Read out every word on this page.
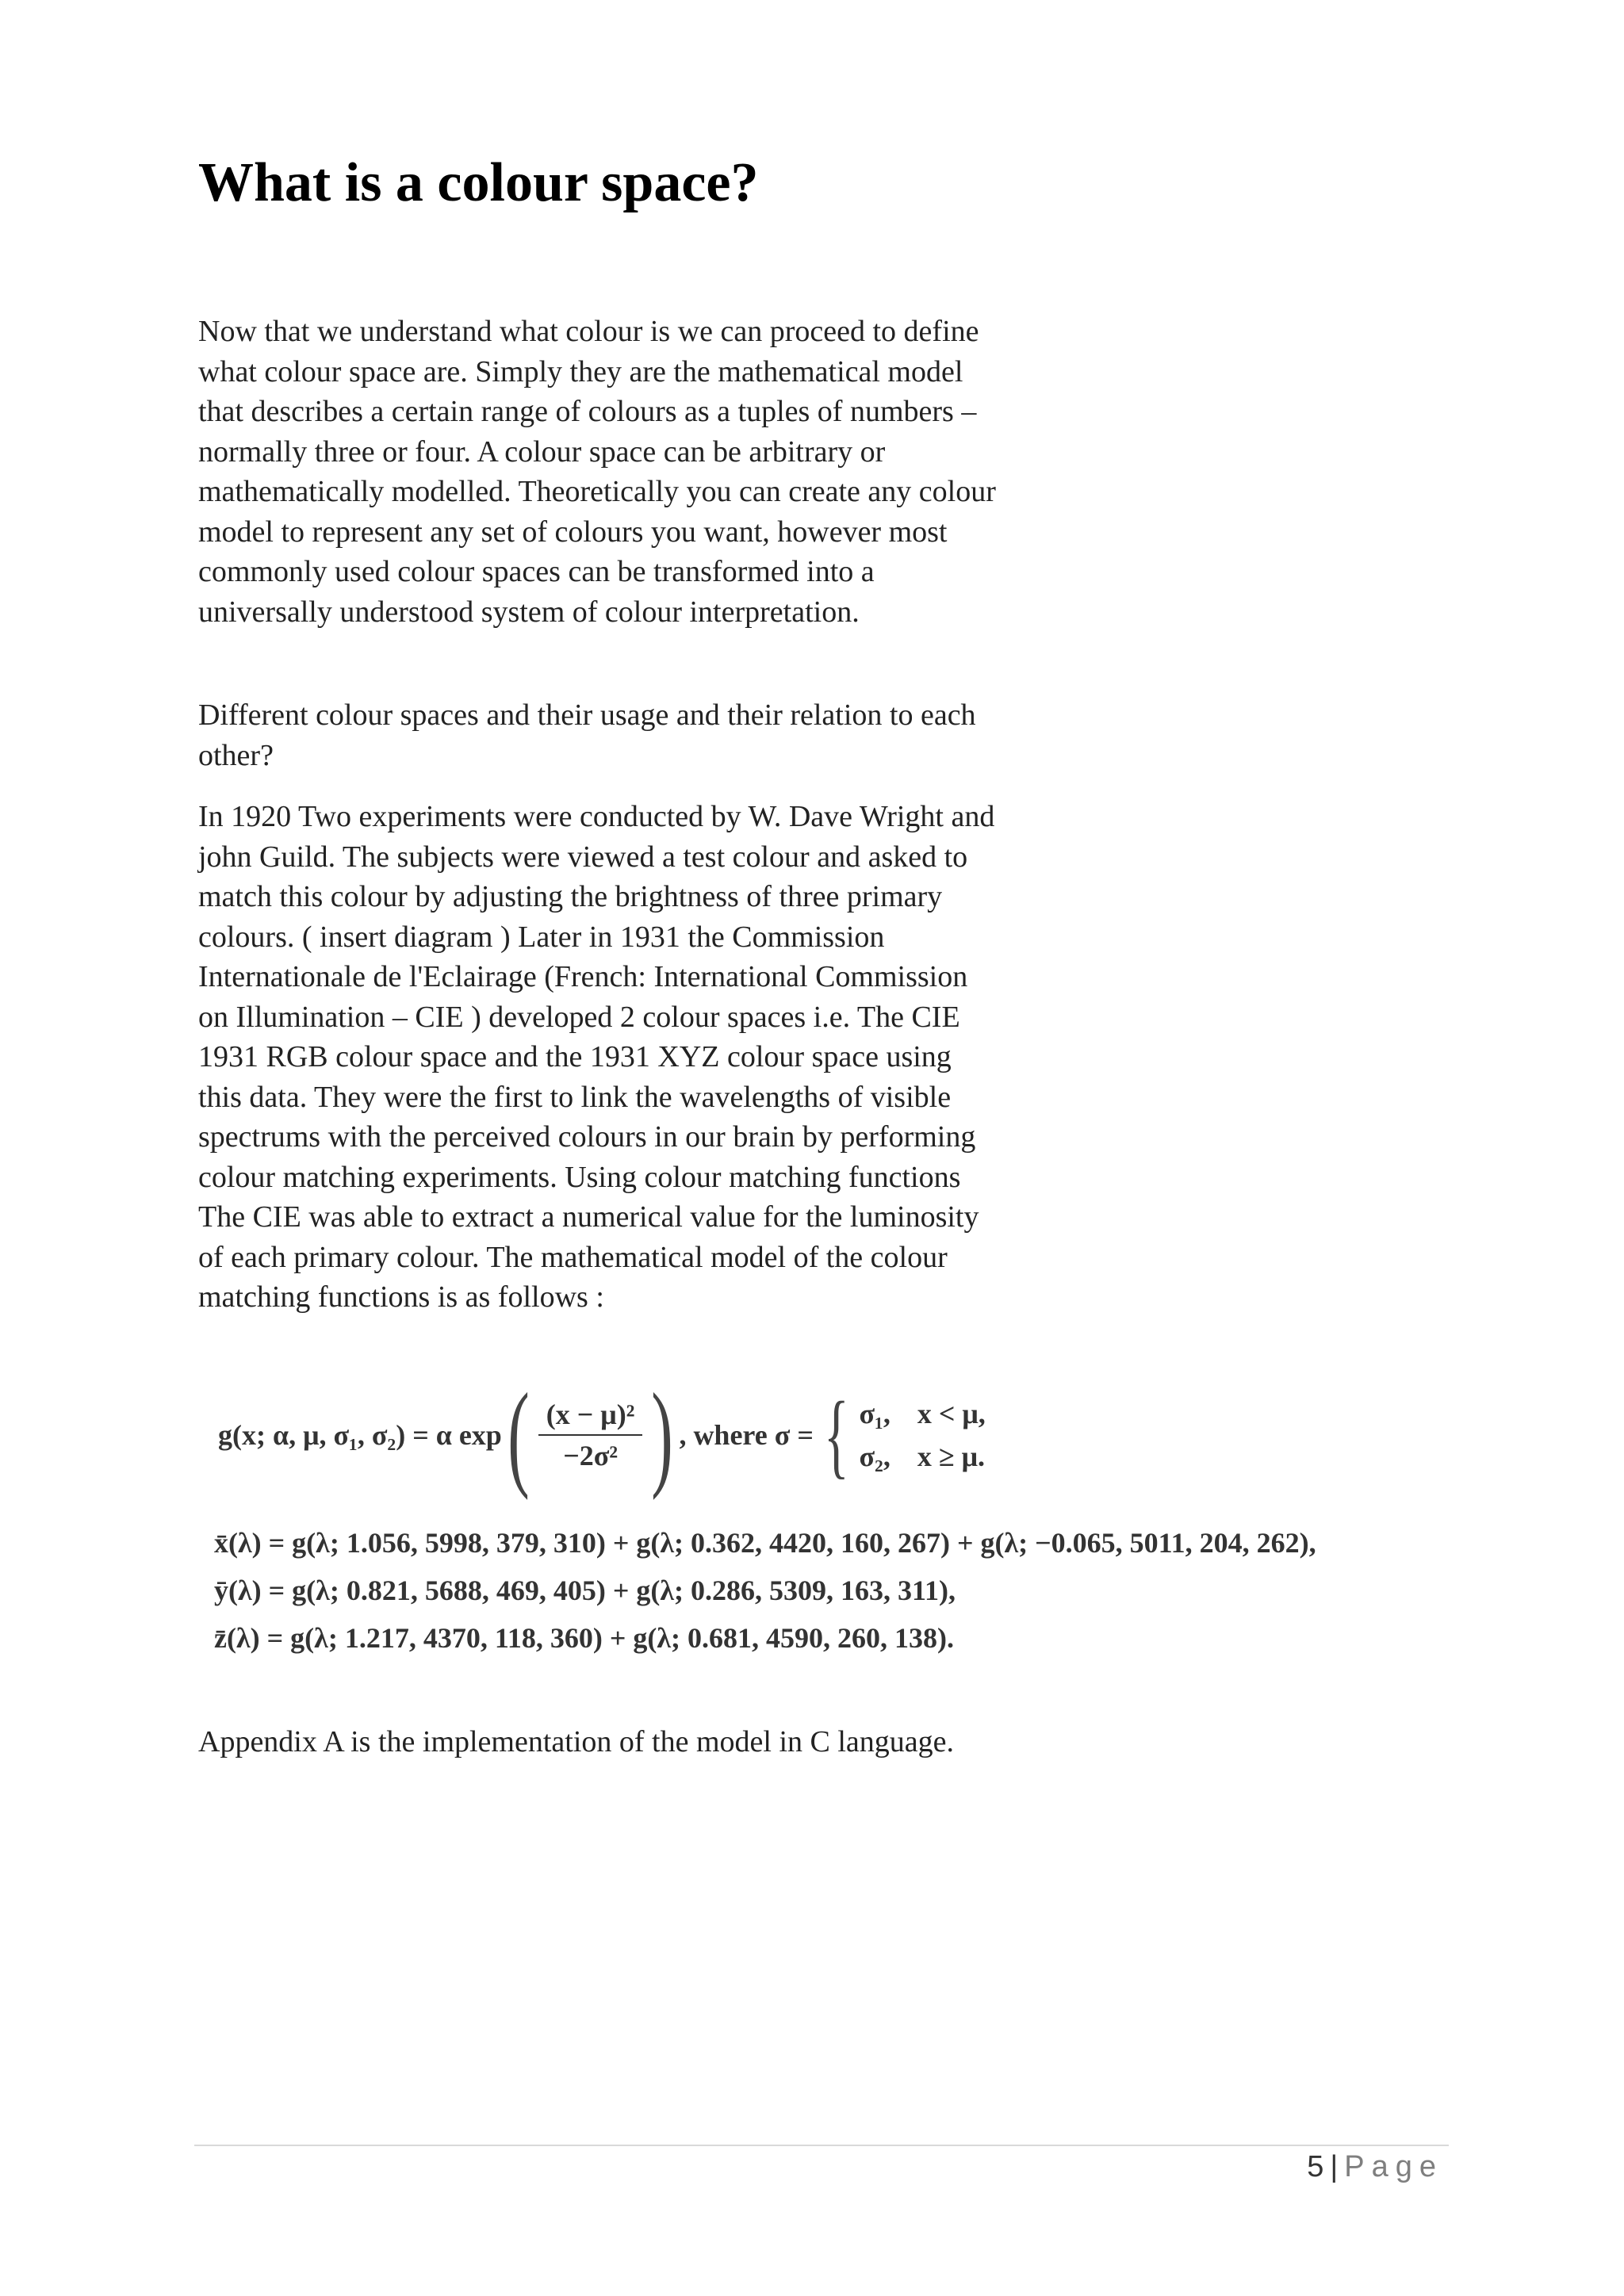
What is a colour space?

Now that we understand what colour is we can proceed to define what colour space are. Simply they are the mathematical model that describes a certain range of colours as a tuples of numbers – normally three or four. A colour space can be arbitrary or mathematically modelled. Theoretically you can create any colour model to represent any set of colours you want, however most commonly used colour spaces can be transformed into a universally understood system of colour interpretation.

Different colour spaces and their usage and their relation to each other?

In 1920 Two experiments were conducted by W. Dave Wright and john Guild. The subjects were viewed a test colour and asked to match this colour by adjusting the brightness of three primary colours. ( insert diagram ) Later in 1931 the Commission Internationale de l'Eclairage (French: International Commission on Illumination – CIE ) developed 2 colour spaces i.e. The CIE 1931 RGB colour space and the 1931 XYZ colour space using this data. They were the first to link the wavelengths of visible spectrums with the perceived colours in our brain by performing colour matching experiments. Using colour matching functions The CIE was able to extract a numerical value for the luminosity of each primary colour. The mathematical model of the colour matching functions is as follows :

g(x; α, μ, σ₁, σ₂) = α exp ( $\frac{\text{(x − μ)²}}{\text{−2σ²}}$ ) , where σ = { σ₁, x < μ,
σ₂, x ≥ μ.
x̄(λ) = g(λ; 1.056, 5998, 379, 310) + g(λ; 0.362, 4420, 160, 267) + g(λ; −0.065, 5011, 204, 262),
ȳ(λ) = g(λ; 0.821, 5688, 469, 405) + g(λ; 0.286, 5309, 163, 311),
z̄(λ) = g(λ; 1.217, 4370, 118, 360) + g(λ; 0.681, 4590, 260, 138).

Appendix A is the implementation of the model in C language.

5 | Page
